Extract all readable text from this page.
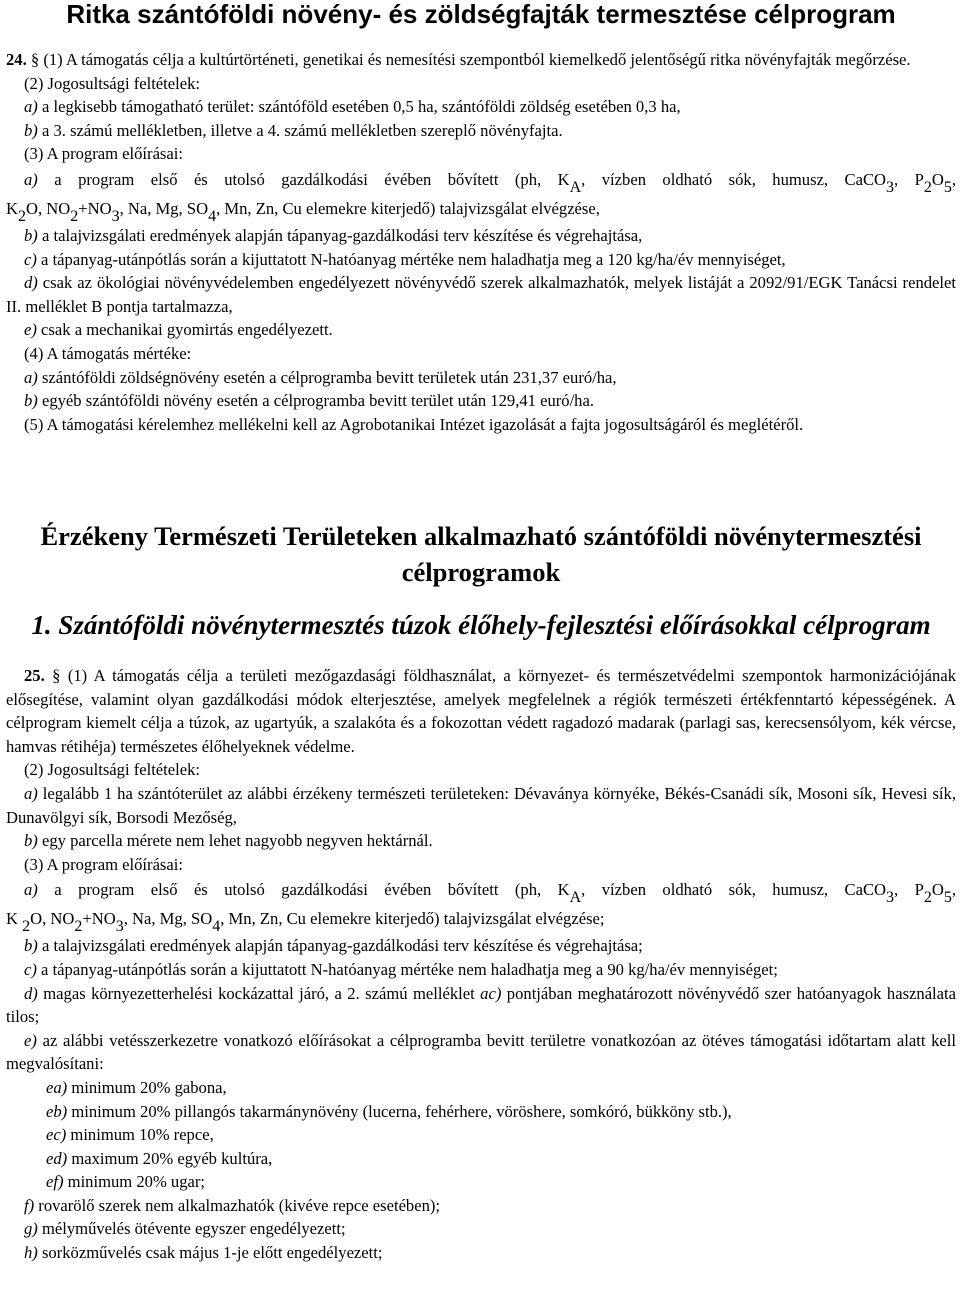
Ritka szántóföldi növény- és zöldségfajták termesztése célprogram

24. § (1) A támogatás célja a kultúrtörténeti, genetikai és nemesítési szempontból kiemelkedő jelentőségű ritka növényfajták megőrzése.

(2) Jogosultsági feltételek:

a) a legkisebb támogatható terület: szántóföld esetében 0,5 ha, szántóföldi zöldség esetében 0,3 ha,

b) a 3. számú mellékletben, illetve a 4. számú mellékletben szereplő növényfajta.

(3) A program előírásai:

a) a program első és utolsó gazdálkodási évében bővített (ph, $K_A$, vízben oldható sók, humusz, CaCO$_3$, $P_2O_5$,

$K_2O$, $NO_2+NO_3$, Na, Mg, $SO_4$, Mn, Zn, Cu elemekre kiterjedő) talajvizsgálat elvégzése,

b) a talajvizsgálati eredmények alapján tápanyag-gazdálkodási terv készítése és végrehajtása,

c) a tápanyag-utánpótlás során a kijuttatott N-hatóanyag mértéke nem haladhatja meg a 120 kg/ha/év mennyiséget,

d) csak az ökológiai növényvédelemben engedélyezett növényvédő szerek alkalmazhatók, melyek listáját a 2092/91/EGK Tanácsi rendelet II. melléklet B pontja tartalmazza,

e) csak a mechanikai gyomirtás engedélyezett.

(4) A támogatás mértéke:

a) szántóföldi zöldségnövény esetén a célprogramba bevitt területek után 231,37 euró/ha,

b) egyéb szántóföldi növény esetén a célprogramba bevitt terület után 129,41 euró/ha.

(5) A támogatási kérelemhez mellékelni kell az Agrobotanikai Intézet igazolását a fajta jogosultságáról és meglétéről.

Érzékeny Természeti Területeken alkalmazható szántóföldi növénytermesztési célprogramok
1. Szántóföldi növénytermesztés túzok élőhely-fejlesztési előírásokkal célprogram

25. § (1) A támogatás célja a területi mezőgazdasági földhasználat, a környezet- és természetvédelmi szempontok harmonizációjának elősegítése, valamint olyan gazdálkodási módok elterjesztése, amelyek megfelelnek a régiók természeti értékfenntartó képességének. A célprogram kiemelt célja a túzok, az ugartyúk, a szalakóta és a fokozottan védett ragadozó madarak (parlagi sas, kerecsensólyom, kék vércse, hamvas rétihéja) természetes élőhelyeknek védelme.

(2) Jogosultsági feltételek:

a) legalább 1 ha szántóterület az alábbi érzékeny természeti területeken: Dévaványa környéke, Békés-Csanádi sík, Mosoni sík, Hevesi sík, Dunavölgyi sík, Borsodi Mezőség,

b) egy parcella mérete nem lehet nagyobb negyven hektárnál.

(3) A program előírásai:

a) a program első és utolsó gazdálkodási évében bővített (ph, $K_A$, vízben oldható sók, humusz, CaCO$_3$, $P_2O_5$,

K $_2$O, $NO_2+NO_3$, Na, Mg, $SO_4$, Mn, Zn, Cu elemekre kiterjedő) talajvizsgálat elvégzése;

b) a talajvizsgálati eredmények alapján tápanyag-gazdálkodási terv készítése és végrehajtása;

c) a tápanyag-utánpótlás során a kijuttatott N-hatóanyag mértéke nem haladhatja meg a 90 kg/ha/év mennyiséget;

d) magas környezetterhelési kockázattal járó, a 2. számú melléklet ac) pontjában meghatározott növényvédő szer hatóanyagok használata tilos;

e) az alábbi vetésszerkezetre vonatkozó előírásokat a célprogramba bevitt területre vonatkozóan az ötéves támogatási időtartam alatt kell megvalósítani:

ea) minimum 20% gabona,

eb) minimum 20% pillangós takarmánynövény (lucerna, fehérhere, vöröshere, somkóró, bükköny stb.),

ec) minimum 10% repce,

ed) maximum 20% egyéb kultúra,

ef) minimum 20% ugar;

f) rovarölő szerek nem alkalmazhatók (kivéve repce esetében);

g) mélyművelés ötévente egyszer engedélyezett;

h) sorközművelés csak május 1-je előtt engedélyezett;
